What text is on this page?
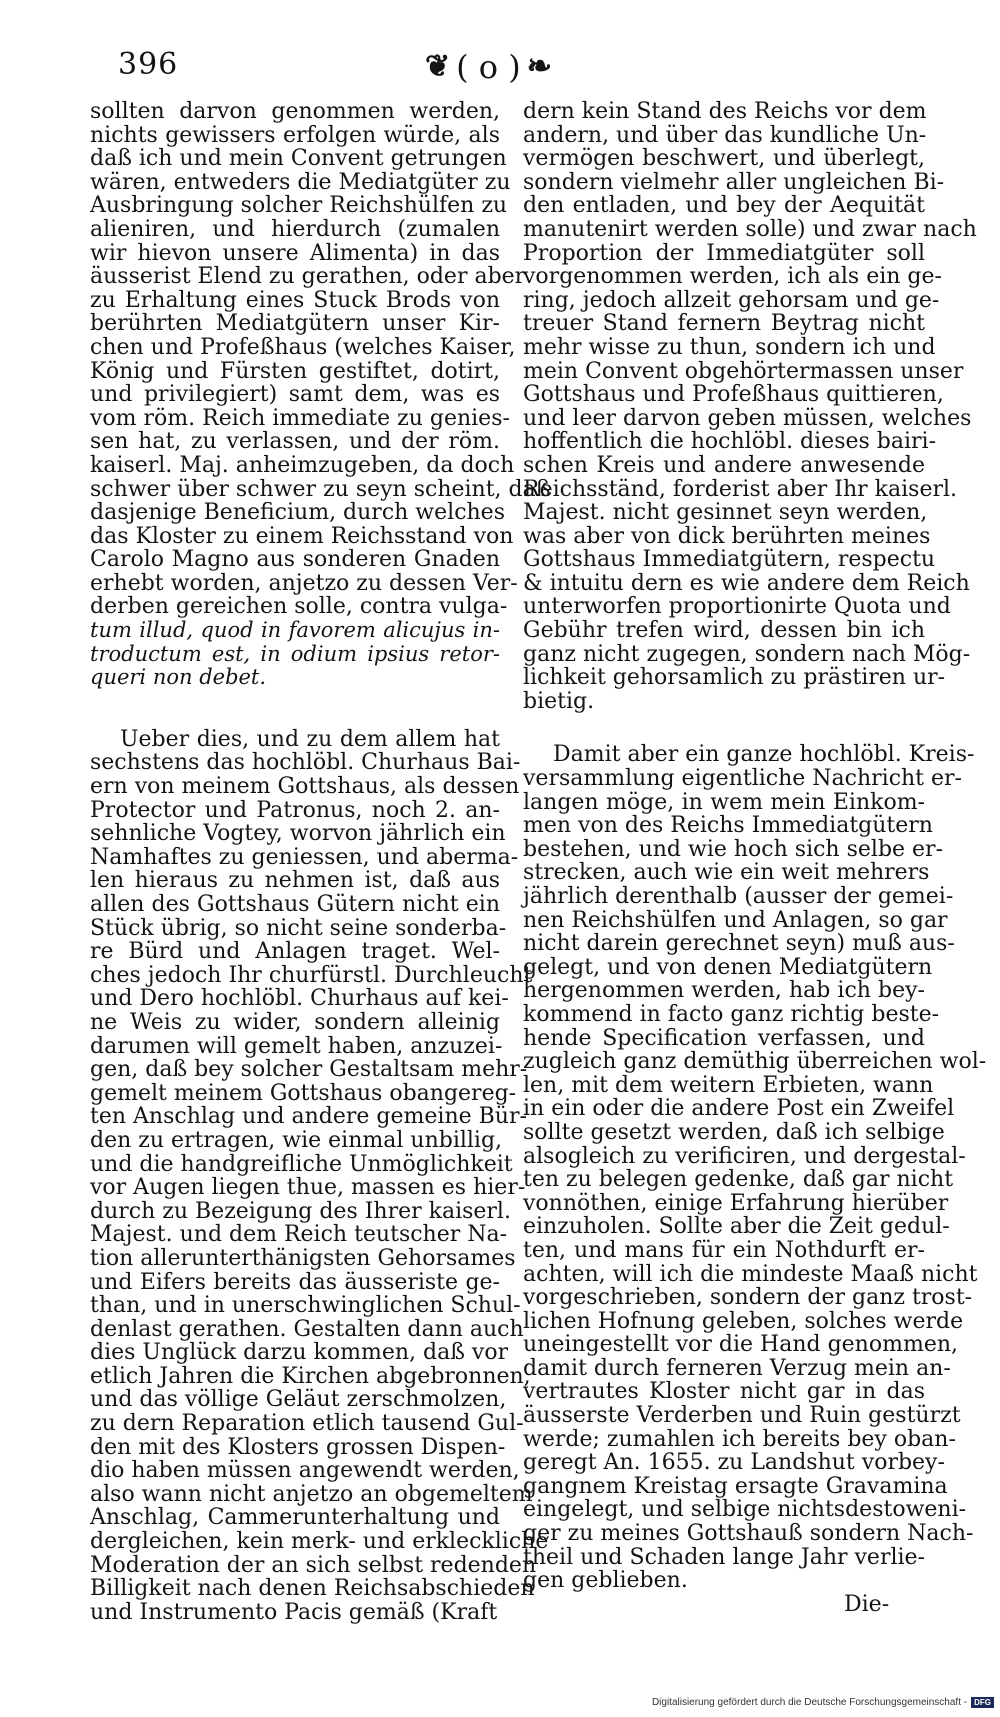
396	❦ ( o ) ❧
sollten darvon genommen werden,
nichts gewissers erfolgen würde, als
daß ich und mein Convent getrungen
wären, entweders die Mediatgüter zu
Ausbringung solcher Reichshülfen zu
alieniren, und hierdurch (zumalen
wir hievon unsere Alimenta) in das
äusserist Elend zu gerathen, oder aber
zu Erhaltung eines Stuck Brods von
berührten Mediatgütern unser Kir-
chen und Profeßhaus (welches Kaiser,
König und Fürsten gestiftet, dotirt,
und privilegiert) samt dem, was es
vom röm. Reich immediate zu genies-
sen hat, zu verlassen, und der röm.
kaiserl. Maj. anheimzugeben, da doch
schwer über schwer zu seyn scheint, daß
dasjenige Beneficium, durch welches
das Kloster zu einem Reichsstand von
Carolo Magno aus sonderen Gnaden
erhebt worden, anjetzo zu dessen Ver-
derben gereichen solle, contra vulga-
tum illud, quod in favorem alicujus in-
troductum est, in odium ipsius retor-
queri non debet.
Ueber dies, und zu dem allem hat
sechstens das hochlöbl. Churhaus Bai-
ern von meinem Gottshaus, als dessen
Protector und Patronus, noch 2. an-
sehnliche Vogtey, worvon jährlich ein
Namhaftes zu geniessen, und aberma-
len hieraus zu nehmen ist, daß aus
allen des Gottshaus Gütern nicht ein
Stück übrig, so nicht seine sonderba-
re Bürd und Anlagen traget. Wel-
ches jedoch Ihr churfürstl. Durchleucht
und Dero hochlöbl. Churhaus auf kei-
ne Weis zu wider, sondern alleinig
darumen will gemelt haben, anzuzei-
gen, daß bey solcher Gestaltsam mehr-
gemelt meinem Gottshaus obangereg-
ten Anschlag und andere gemeine Bür-
den zu ertragen, wie einmal unbillig,
und die handgreifliche Unmöglichkeit
vor Augen liegen thue, massen es hier-
durch zu Bezeigung des Ihrer kaiserl.
Majest. und dem Reich teutscher Na-
tion allerunterthänigsten Gehorsames
und Eifers bereits das äusseriste ge-
than, und in unerschwinglichen Schul-
denlast gerathen. Gestalten dann auch
dies Unglück darzu kommen, daß vor
etlich Jahren die Kirchen abgebronnen,
und das völlige Geläut zerschmolzen,
zu dern Reparation etlich tausend Gul-
den mit des Klosters grossen Dispen-
dio haben müssen angewendt werden,
also wann nicht anjetzo an obgemeltem
Anschlag, Cammerunterhaltung und
dergleichen, kein merk- und erkleckliche
Moderation der an sich selbst redenden
Billigkeit nach denen Reichsabschieden
und Instrumento Pacis gemäß (Kraft
dern kein Stand des Reichs vor dem
andern, und über das kundliche Un-
vermögen beschwert, und überlegt,
sondern vielmehr aller ungleichen Bi-
den entladen, und bey der Aequität
manutenirt werden solle) und zwar nach
Proportion der Immediatgüter soll
vorgenommen werden, ich als ein ge-
ring, jedoch allzeit gehorsam und ge-
treuer Stand fernern Beytrag nicht
mehr wisse zu thun, sondern ich und
mein Convent obgehörtermassen unser
Gottshaus und Profeßhaus quittieren,
und leer darvon geben müssen, welches
hoffentlich die hochlöbl. dieses bairi-
schen Kreis und andere anwesende
Reichsständ, forderist aber Ihr kaiserl.
Majest. nicht gesinnet seyn werden,
was aber von dick berührten meines
Gottshaus Immediatgütern, respectu
& intuitu dern es wie andere dem Reich
unterworfen proportionirte Quota und
Gebühr trefen wird, dessen bin ich
ganz nicht zugegen, sondern nach Mög-
lichkeit gehorsamlich zu prästiren ur-
bietig.
Damit aber ein ganze hochlöbl. Kreis-
versammlung eigentliche Nachricht er-
langen möge, in wem mein Einkom-
men von des Reichs Immediatgütern
bestehen, und wie hoch sich selbe er-
strecken, auch wie ein weit mehrers
jährlich derenthalb (ausser der gemei-
nen Reichshülfen und Anlagen, so gar
nicht darein gerechnet seyn) muß aus-
gelegt, und von denen Mediatgütern
hergenommen werden, hab ich bey-
kommend in facto ganz richtig beste-
hende Specification verfassen, und
zugleich ganz demüthig überreichen wol-
len, mit dem weitern Erbieten, wann
in ein oder die andere Post ein Zweifel
sollte gesetzt werden, daß ich selbige
alsogleich zu verificiren, und dergestal-
ten zu belegen gedenke, daß gar nicht
vonnöthen, einige Erfahrung hierüber
einzuholen. Sollte aber die Zeit gedul-
ten, und mans für ein Nothdurft er-
achten, will ich die mindeste Maaß nicht
vorgeschrieben, sondern der ganz trost-
lichen Hofnung geleben, solches werde
uneingestellt vor die Hand genommen,
damit durch ferneren Verzug mein an-
vertrautes Kloster nicht gar in das
äusserste Verderben und Ruin gestürzt
werde; zumahlen ich bereits bey oban-
geregt An. 1655. zu Landshut vorbey-
gangnem Kreistag ersagte Gravamina
eingelegt, und selbige nichtsdestoweni-
ger zu meines Gottshauß sondern Nach-
theil und Schaden lange Jahr verlie-
gen geblieben.
Die-
Digitalisierung gefördert durch die Deutsche Forschungsgemeinschaft - DFG
